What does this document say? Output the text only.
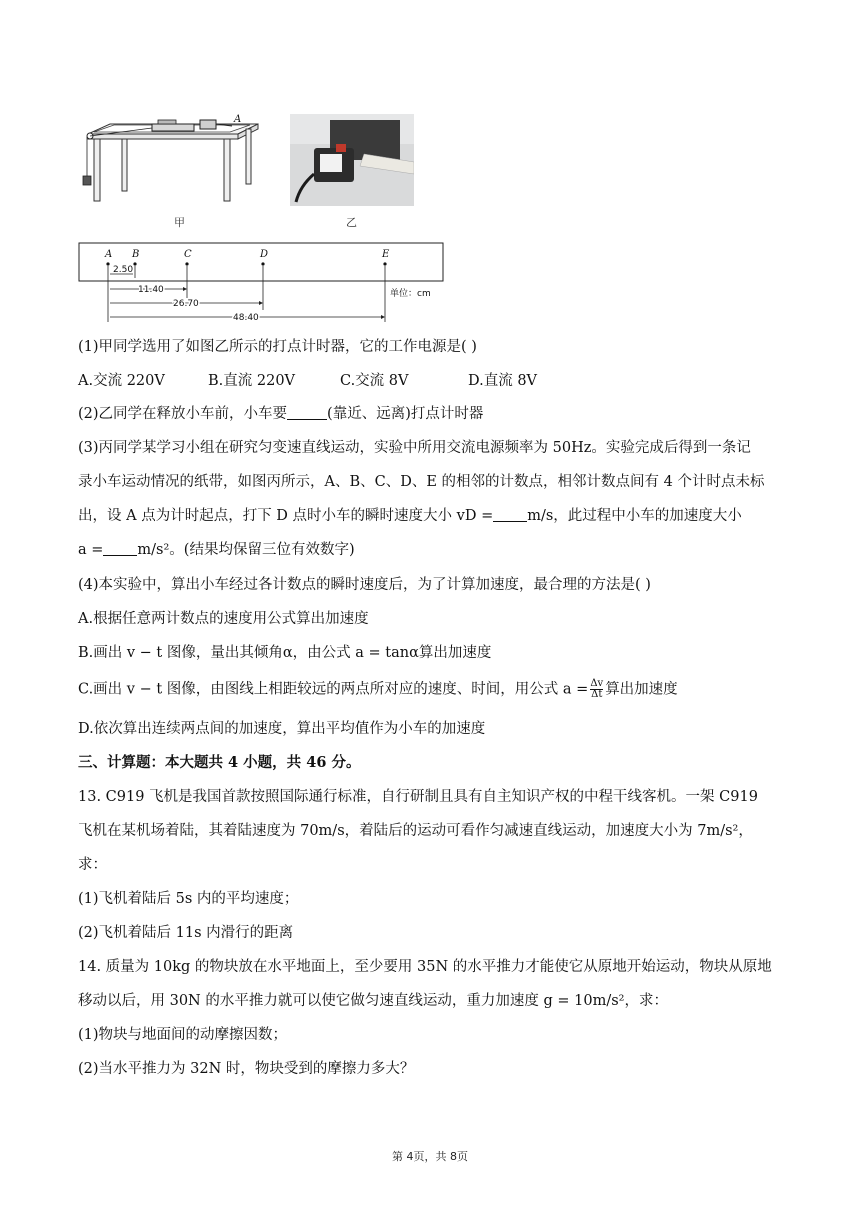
A
甲	乙
A B	C	D	E
2.50
11.40
26.70
48.40
单位：cm
(1)甲同学选用了如图乙所示的打点计时器，它的工作电源是( )
A.交流 220V	B.直流 220V	C.交流 8V	D.直流 8V
(2)乙同学在释放小车前，小车要	(靠近、远离)打点计时器
(3)丙同学某学习小组在研究匀变速直线运动，实验中所用交流电源频率为 50Hz。实验完成后得到一条记
录小车运动情况的纸带，如图丙所示，A、B、C、D、E 的相邻的计数点，相邻计数点间有 4 个计时点未标
出，设 A 点为计时起点，打下 D 点时小车的瞬时速度大小 vD = m/s，此过程中小车的加速度大小
a = m/s²。(结果均保留三位有效数字)
(4)本实验中，算出小车经过各计数点的瞬时速度后，为了计算加速度，最合理的方法是( )
A.根据任意两计数点的速度用公式算出加速度
B.画出 v − t 图像，量出其倾角α，由公式 a = tanα算出加速度
C.画出 v − t 图像，由图线上相距较远的两点所对应的速度、时间，用公式 $a = \frac{\Delta v}{\Delta t}$ 算出加速度
D.依次算出连续两点间的加速度，算出平均值作为小车的加速度
三、计算题：本大题共 4 小题，共 46 分。
13. C919 飞机是我国首款按照国际通行标准，自行研制且具有自主知识产权的中程干线客机。一架 C919
飞机在某机场着陆，其着陆速度为 70m/s，着陆后的运动可看作匀减速直线运动，加速度大小为 7m/s²，
求：
(1)飞机着陆后 5s 内的平均速度；
(2)飞机着陆后 11s 内滑行的距离
14. 质量为 10kg 的物块放在水平地面上，至少要用 35N 的水平推力才能使它从原地开始运动，物块从原地
移动以后，用 30N 的水平推力就可以使它做匀速直线运动，重力加速度 g = 10m/s²，求：
(1)物块与地面间的动摩擦因数；
(2)当水平推力为 32N 时，物块受到的摩擦力多大？
第 4页，共 8页
